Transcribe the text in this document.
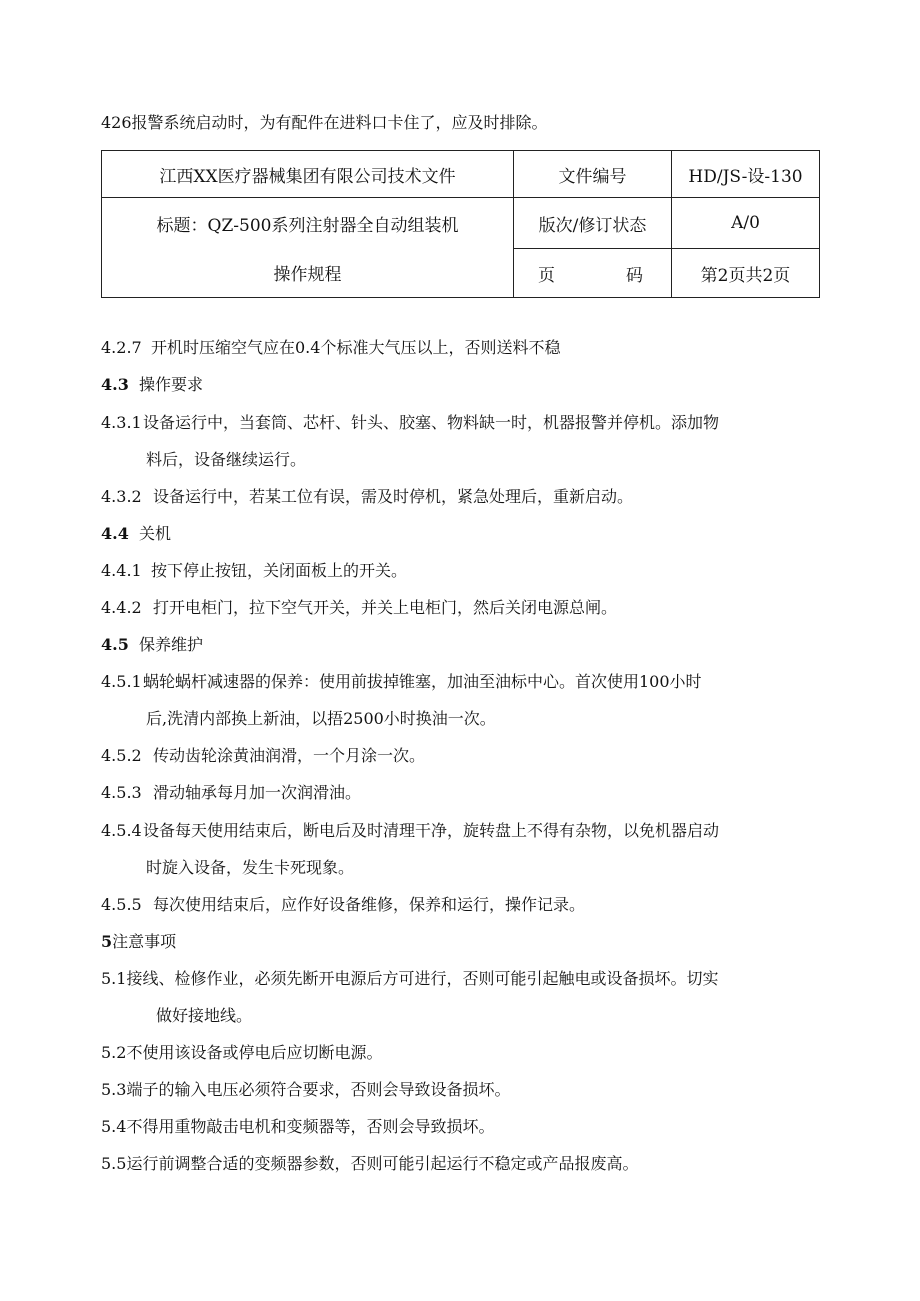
426报警系统启动时，为有配件在进料口卡住了，应及时排除。
江西XX医疗器械集团有限公司技术文件	文件编号	HD/JS-设-130
标题：QZ-500系列注射器全自动组装机	版次/修订状态	A/0
操作规程	页 码	第2页共2页
4.2.7 开机时压缩空气应在0.4个标准大气压以上，否则送料不稳
4.3 操作要求
4.3.1设备运行中，当套筒、芯杆、针头、胶塞、物料缺一时，机器报警并停机。添加物
料后，设备继续运行。
4.3.2 设备运行中，若某工位有误，需及时停机，紧急处理后，重新启动。
4.4 关机
4.4.1 按下停止按钮，关闭面板上的开关。
4.4.2 打开电柜门，拉下空气开关，并关上电柜门，然后关闭电源总闸。
4.5 保养维护
4.5.1蜗轮蜗杆减速器的保养：使用前拔掉锥塞，加油至油标中心。首次使用100小时
后,洗清内部换上新油，以捂2500小时换油一次。
4.5.2 传动齿轮涂黄油润滑，一个月涂一次。
4.5.3 滑动轴承每月加一次润滑油。
4.5.4设备每天使用结束后，断电后及时清理干净，旋转盘上不得有杂物，以免机器启动
时旋入设备，发生卡死现象。
4.5.5 每次使用结束后，应作好设备维修，保养和运行，操作记录。
5注意事项
5.1接线、检修作业，必须先断开电源后方可进行，否则可能引起触电或设备损坏。切实
做好接地线。
5.2不使用该设备或停电后应切断电源。
5.3端子的输入电压必须符合要求，否则会导致设备损坏。
5.4不得用重物敲击电机和变频器等，否则会导致损坏。
5.5运行前调整合适的变频器参数，否则可能引起运行不稳定或产品报废高。
